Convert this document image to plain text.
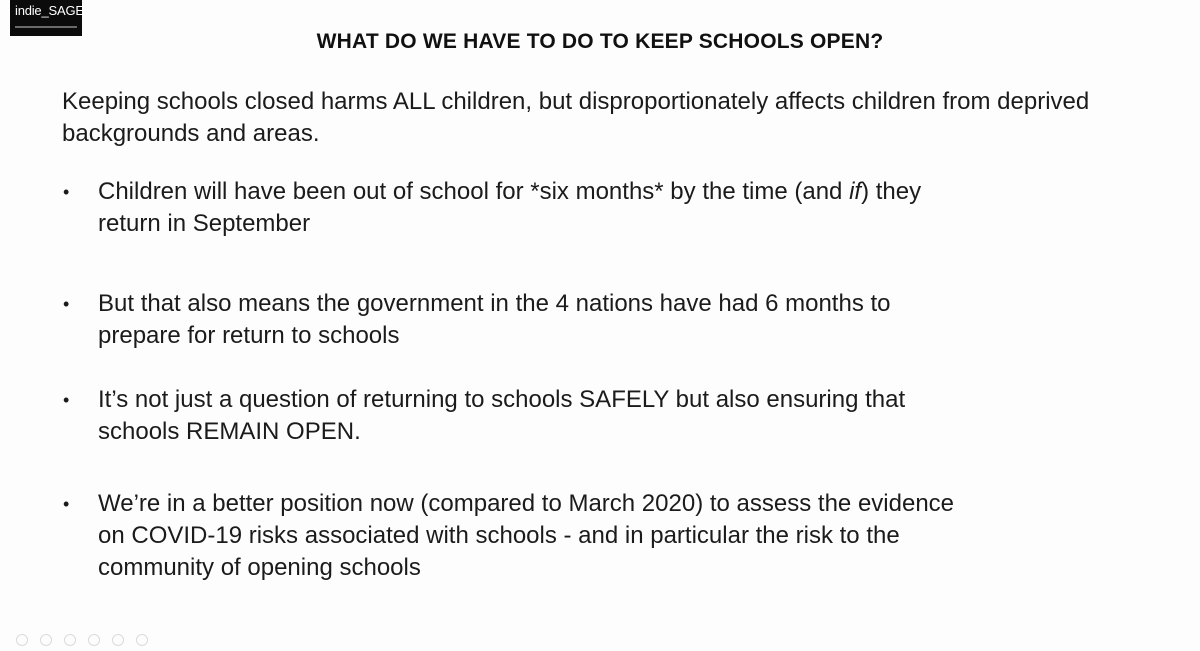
indie_SAGE
WHAT DO WE HAVE TO DO TO KEEP SCHOOLS OPEN?
Keeping schools closed harms ALL children, but disproportionately affects children from deprived backgrounds and areas.
• Children will have been out of school for *six months* by the time (and if) they
return in September
• But that also means the government in the 4 nations have had 6 months to
prepare for return to schools
• It’s not just a question of returning to schools SAFELY but also ensuring that
schools REMAIN OPEN.
• We’re in a better position now (compared to March 2020) to assess the evidence
on COVID-19 risks associated with schools - and in particular the risk to the
community of opening schools
